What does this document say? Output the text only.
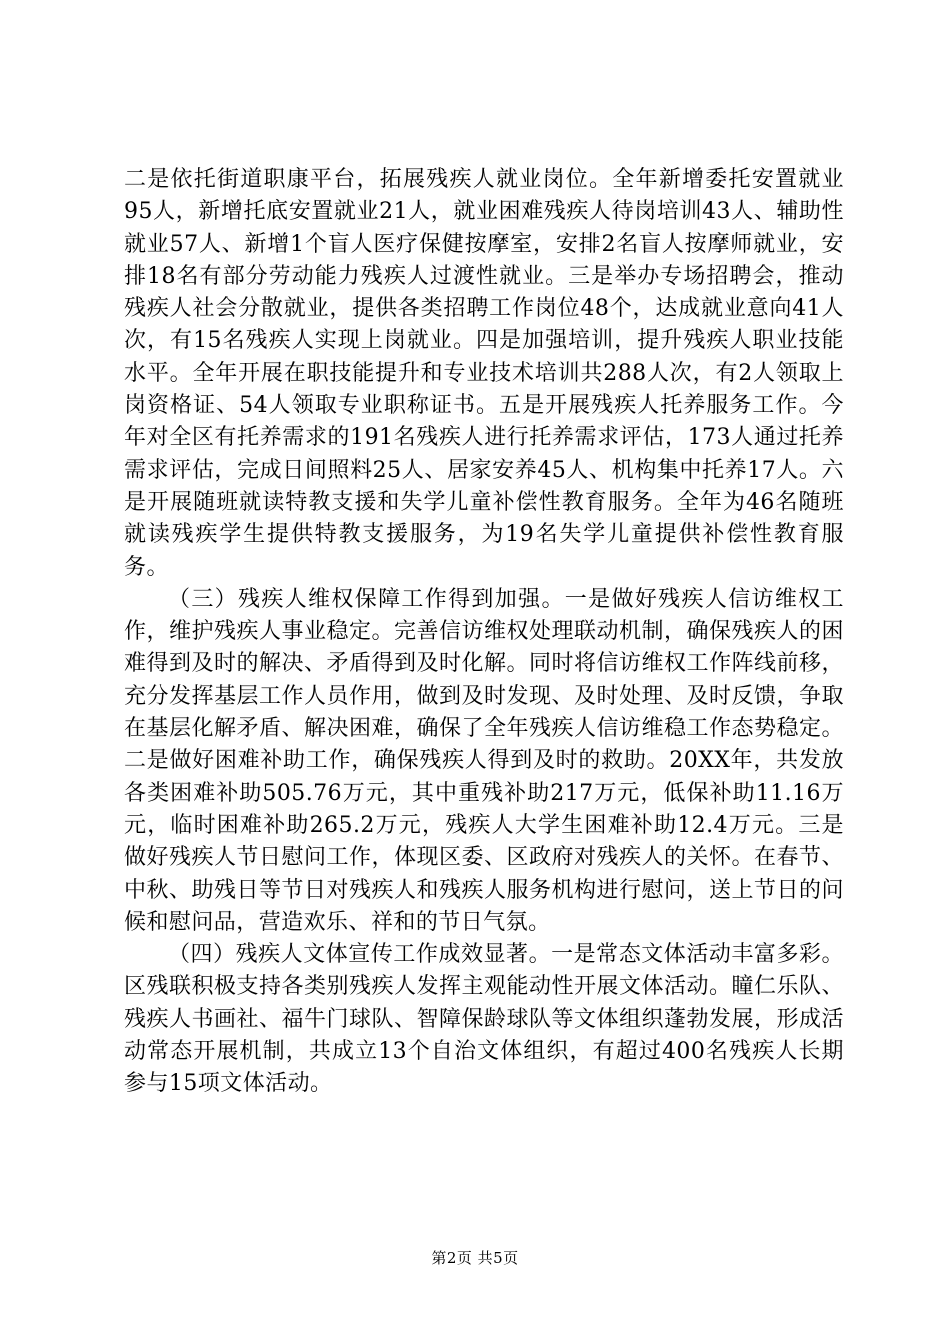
二是依托街道职康平台，拓展残疾人就业岗位。全年新增委托安置就业95人，新增托底安置就业21人，就业困难残疾人待岗培训43人、辅助性就业57人、新增1个盲人医疗保健按摩室，安排2名盲人按摩师就业，安排18名有部分劳动能力残疾人过渡性就业。三是举办专场招聘会，推动残疾人社会分散就业，提供各类招聘工作岗位48个，达成就业意向41人次，有15名残疾人实现上岗就业。四是加强培训，提升残疾人职业技能水平。全年开展在职技能提升和专业技术培训共288人次，有2人领取上岗资格证、54人领取专业职称证书。五是开展残疾人托养服务工作。今年对全区有托养需求的191名残疾人进行托养需求评估，173人通过托养需求评估，完成日间照料25人、居家安养45人、机构集中托养17人。六是开展随班就读特教支援和失学儿童补偿性教育服务。全年为46名随班就读残疾学生提供特教支援服务，为19名失学儿童提供补偿性教育服务。

（三）残疾人维权保障工作得到加强。一是做好残疾人信访维权工作，维护残疾人事业稳定。完善信访维权处理联动机制，确保残疾人的困难得到及时的解决、矛盾得到及时化解。同时将信访维权工作阵线前移，充分发挥基层工作人员作用，做到及时发现、及时处理、及时反馈，争取在基层化解矛盾、解决困难，确保了全年残疾人信访维稳工作态势稳定。二是做好困难补助工作，确保残疾人得到及时的救助。20XX年，共发放各类困难补助505.76万元，其中重残补助217万元，低保补助11.16万元，临时困难补助265.2万元，残疾人大学生困难补助12.4万元。三是做好残疾人节日慰问工作，体现区委、区政府对残疾人的关怀。在春节、中秋、助残日等节日对残疾人和残疾人服务机构进行慰问，送上节日的问候和慰问品，营造欢乐、祥和的节日气氛。

（四）残疾人文体宣传工作成效显著。一是常态文体活动丰富多彩。区残联积极支持各类别残疾人发挥主观能动性开展文体活动。瞳仁乐队、残疾人书画社、福牛门球队、智障保龄球队等文体组织蓬勃发展，形成活动常态开展机制，共成立13个自治文体组织，有超过400名残疾人长期参与15项文体活动。

第2页 共5页
